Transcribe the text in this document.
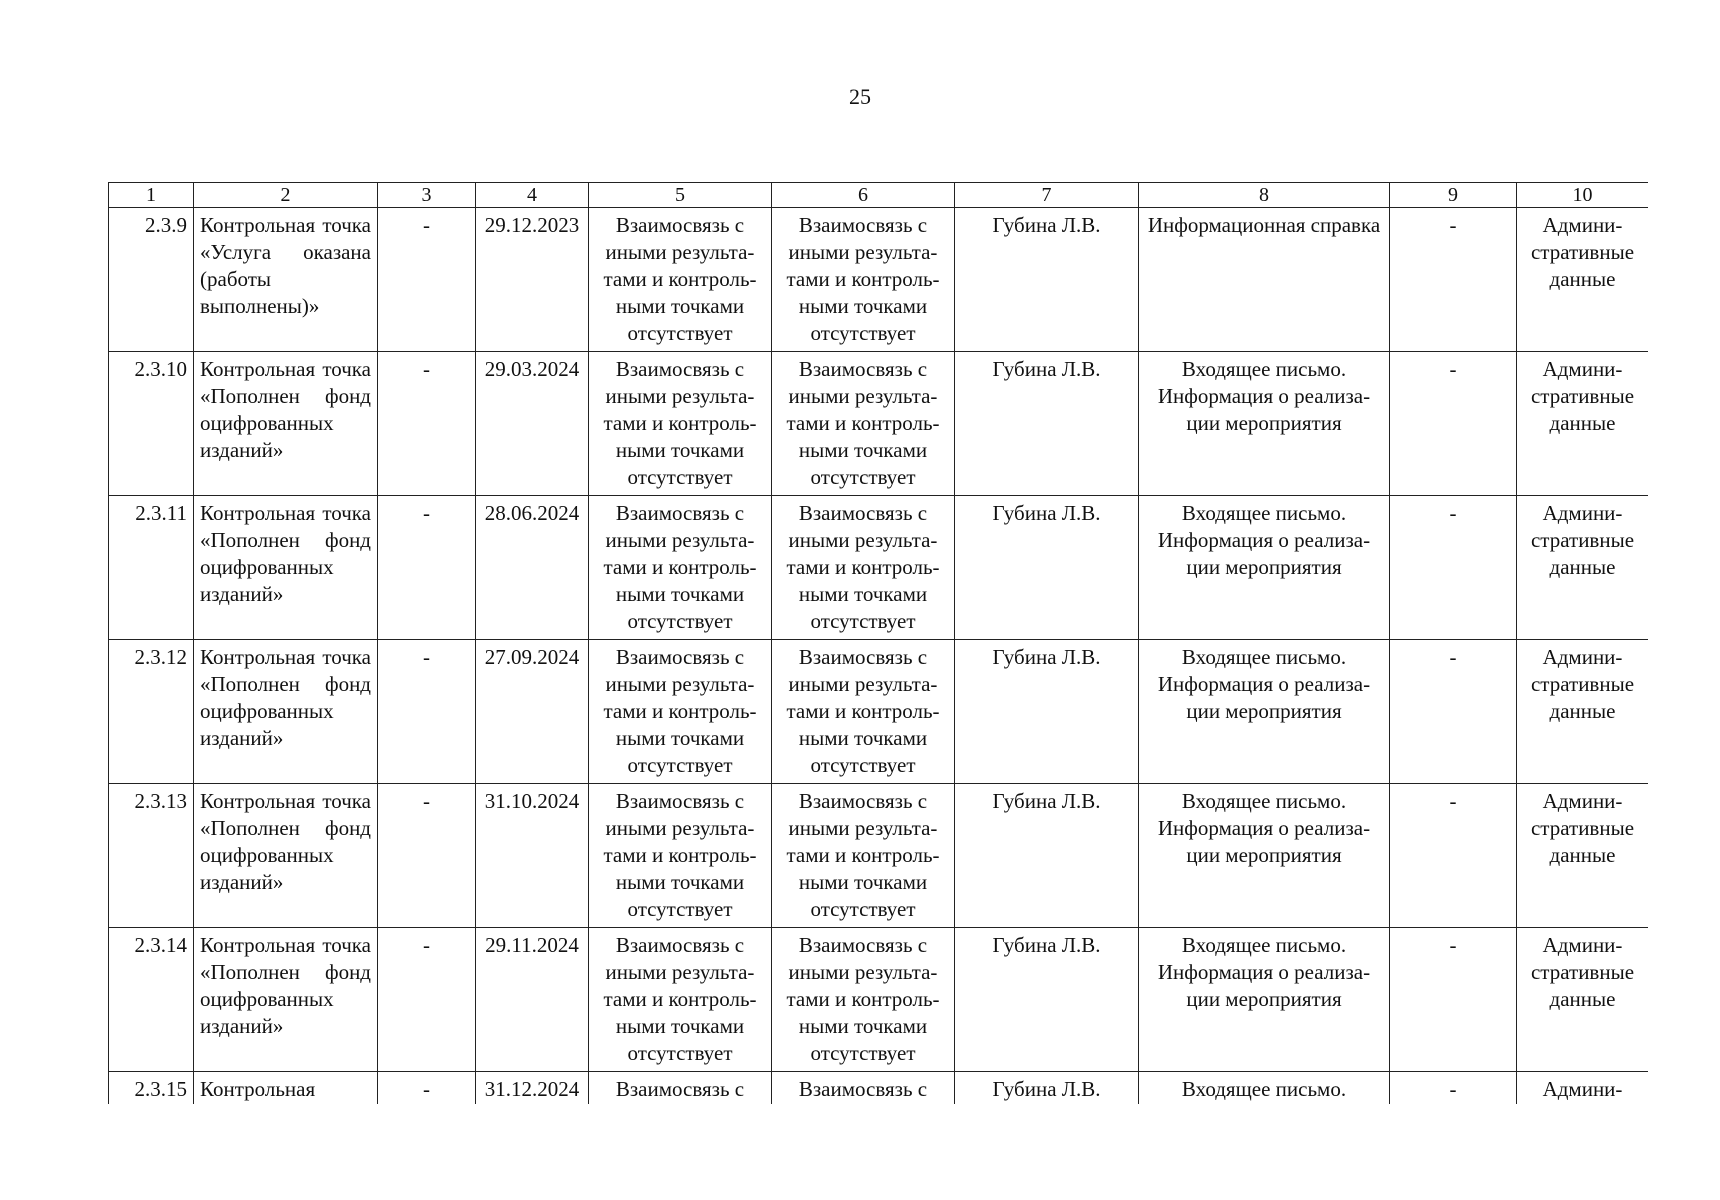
25
1	2	3	4	5	6	7	8	9	10
2.3.9	Контрольная точка «Услуга оказана (работы выполнены)»	-	29.12.2023	Взаимосвязь с иными результа-тами и контроль-ными точками отсутствует	Взаимосвязь с иными результа-тами и контроль-ными точками отсутствует	Губина Л.В.	Информационная справка	-	Админи-стративные данные
2.3.10	Контрольная точка «Пополнен фонд оцифрованных изданий»	-	29.03.2024	Взаимосвязь с иными результа-тами и контроль-ными точками отсутствует	Взаимосвязь с иными результа-тами и контроль-ными точками отсутствует	Губина Л.В.	Входящее письмо. Информация о реализа-ции мероприятия	-	Админи-стративные данные
2.3.11	Контрольная точка «Пополнен фонд оцифрованных изданий»	-	28.06.2024	Взаимосвязь с иными результа-тами и контроль-ными точками отсутствует	Взаимосвязь с иными результа-тами и контроль-ными точками отсутствует	Губина Л.В.	Входящее письмо. Информация о реализа-ции мероприятия	-	Админи-стративные данные
2.3.12	Контрольная точка «Пополнен фонд оцифрованных изданий»	-	27.09.2024	Взаимосвязь с иными результа-тами и контроль-ными точками отсутствует	Взаимосвязь с иными результа-тами и контроль-ными точками отсутствует	Губина Л.В.	Входящее письмо. Информация о реализа-ции мероприятия	-	Админи-стративные данные
2.3.13	Контрольная точка «Пополнен фонд оцифрованных изданий»	-	31.10.2024	Взаимосвязь с иными результа-тами и контроль-ными точками отсутствует	Взаимосвязь с иными результа-тами и контроль-ными точками отсутствует	Губина Л.В.	Входящее письмо. Информация о реализа-ции мероприятия	-	Админи-стративные данные
2.3.14	Контрольная точка «Пополнен фонд оцифрованных изданий»	-	29.11.2024	Взаимосвязь с иными результа-тами и контроль-ными точками отсутствует	Взаимосвязь с иными результа-тами и контроль-ными точками отсутствует	Губина Л.В.	Входящее письмо. Информация о реализа-ции мероприятия	-	Админи-стративные данные
2.3.15	Контрольная	-	31.12.2024	Взаимосвязь с	Взаимосвязь с	Губина Л.В.	Входящее письмо.	-	Админи-
